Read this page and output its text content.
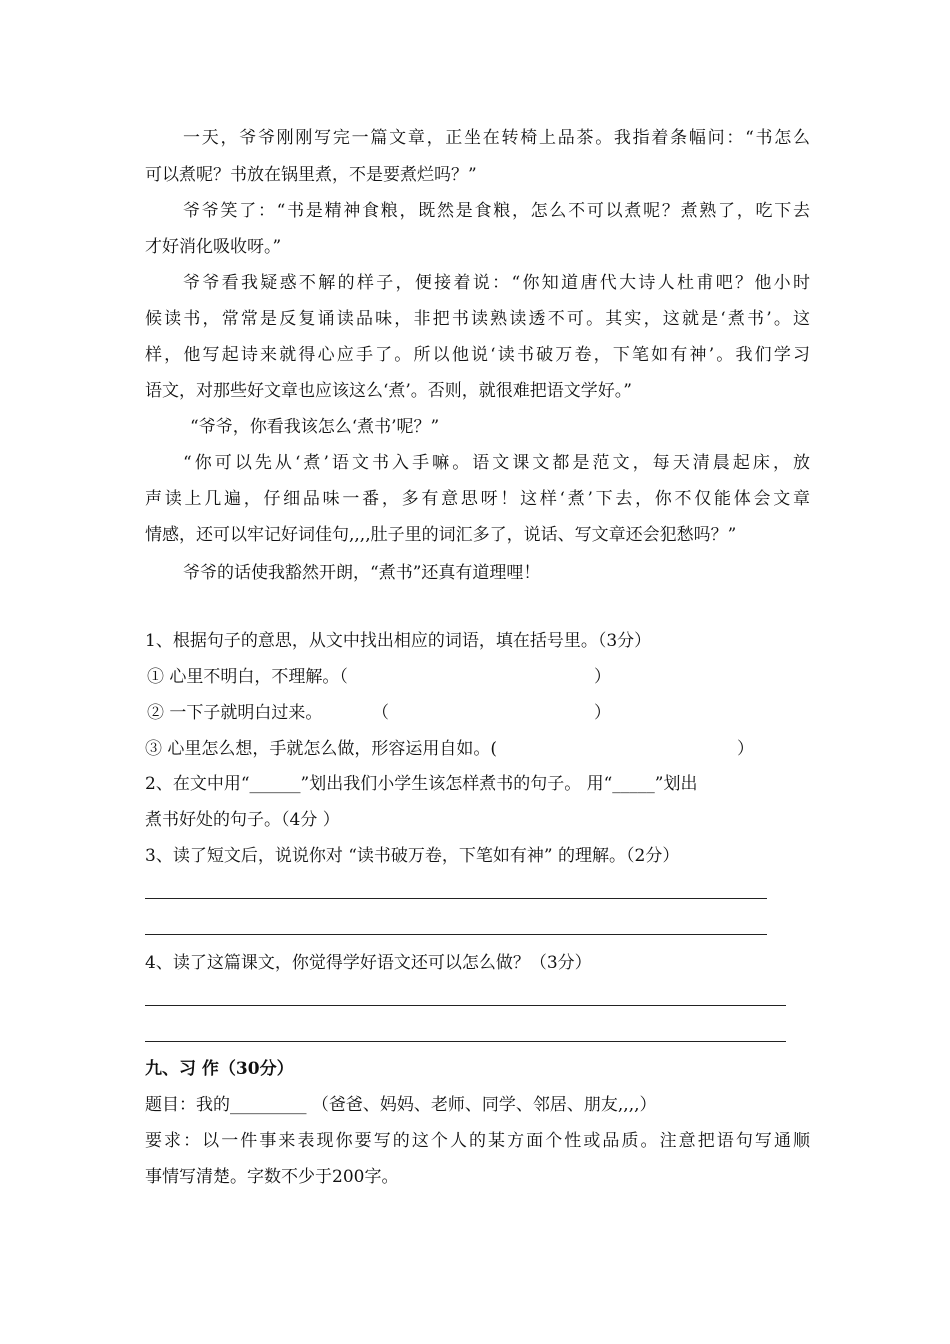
一天，爷爷刚刚写完一篇文章，正坐在转椅上品茶。我指着条幅问：“书怎么
可以煮呢？书放在锅里煮，不是要煮烂吗？”
爷爷笑了：“书是精神食粮，既然是食粮，怎么不可以煮呢？煮熟了，吃下去
才好消化吸收呀。”
爷爷看我疑惑不解的样子，便接着说：“你知道唐代大诗人杜甫吧？他小时
候读书，常常是反复诵读品味，非把书读熟读透不可。其实，这就是‘煮书’。这
样，他写起诗来就得心应手了。所以他说‘读书破万卷，下笔如有神’。我们学习
语文，对那些好文章也应该这么‘煮’。否则，就很难把语文学好。”
“爷爷，你看我该怎么‘煮书’呢？”
“你可以先从‘煮’语文书入手嘛。语文课文都是范文，每天清晨起床，放
声读上几遍，仔细品味一番，多有意思呀！这样‘煮’下去，你不仅能体会文章
情感，还可以牢记好词佳句,,,,肚子里的词汇多了，说话、写文章还会犯愁吗？”
爷爷的话使我豁然开朗，“煮书”还真有道理哩！
1、根据句子的意思，从文中找出相应的词语，填在括号里。（3分）
① 心里不明白，不理解。（	）
② 一下子就明白过来。	（	）
③ 心里怎么想，手就怎么做，形容运用自如。(	）
2、在文中用“______”划出我们小学生该怎样煮书的句子。 用“_____”划出
煮书好处的句子。（4分 ）
3、读了短文后，说说你对 “读书破万卷，下笔如有神” 的理解。（2分）
4、读了这篇课文，你觉得学好语文还可以怎么做？（3分）
九、习 作（30分）
题目：我的_________ （爸爸、妈妈、老师、同学、邻居、朋友,,,,）
要求：以一件事来表现你要写的这个人的某方面个性或品质。注意把语句写通顺
事情写清楚。字数不少于200字。
